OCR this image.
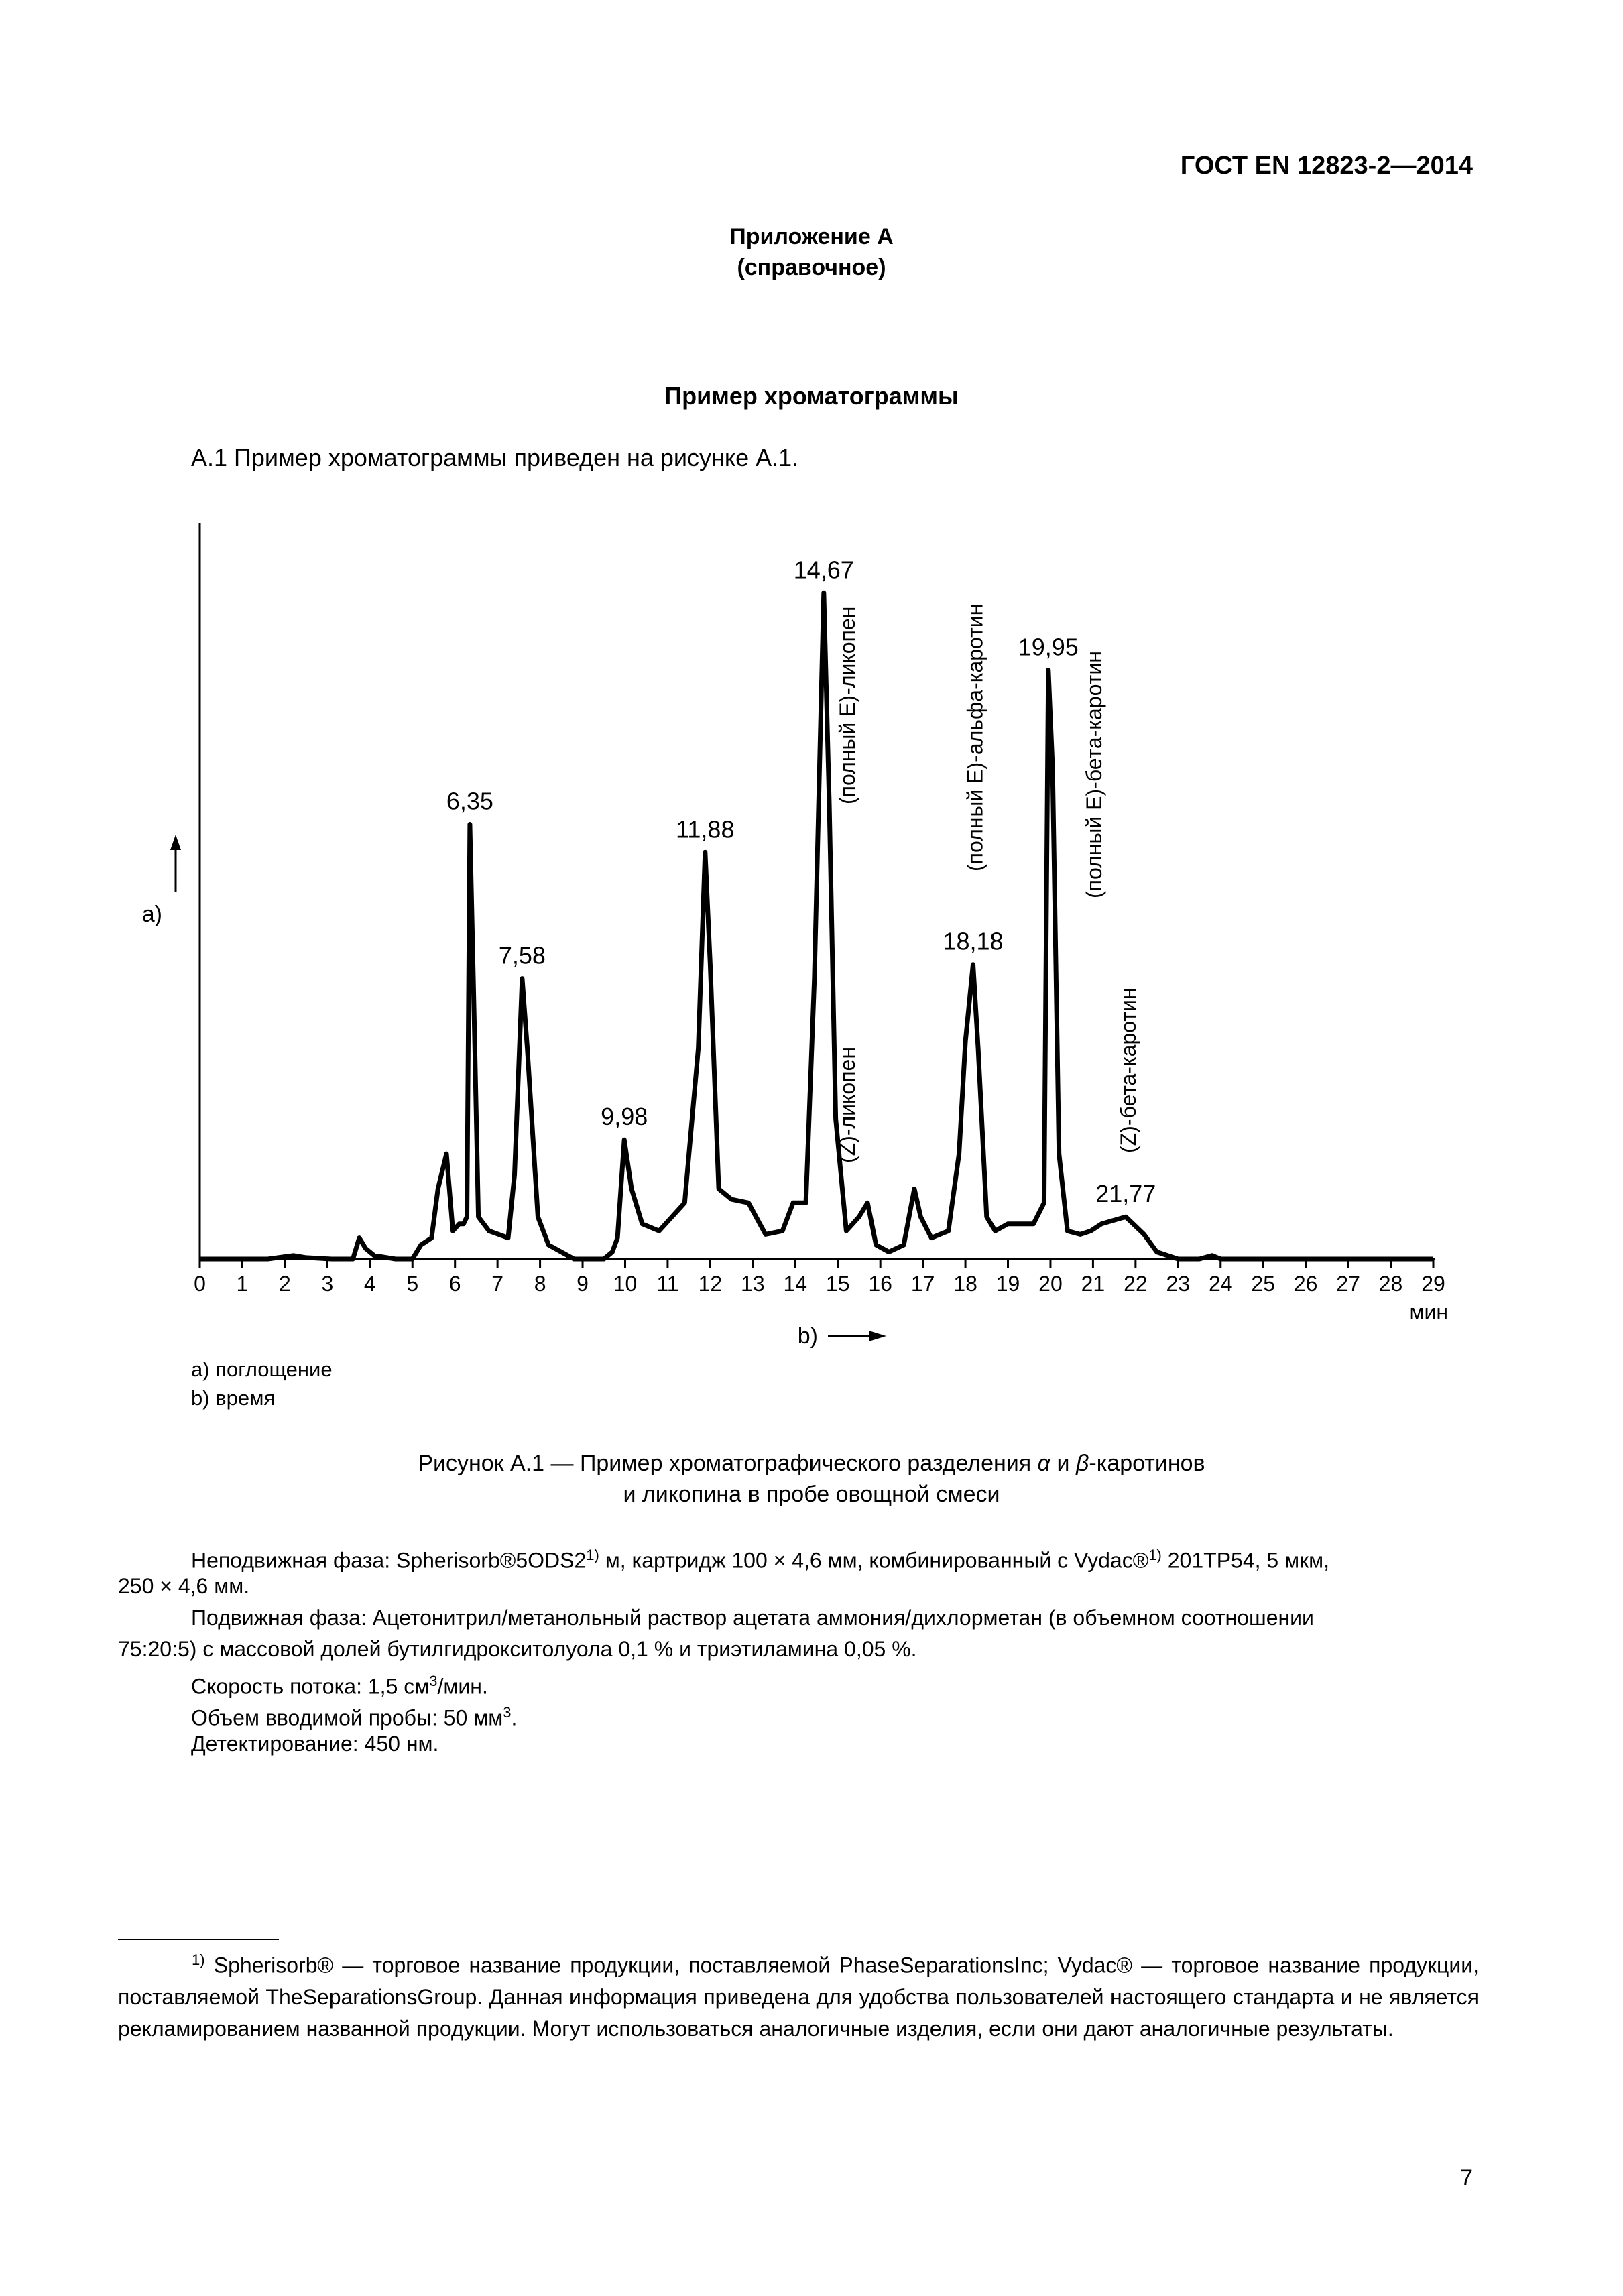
ГОСТ EN 12823-2—2014
Приложение А
(справочное)
Пример хроматограммы
А.1 Пример хроматограммы приведен на рисунке А.1.
а)
0 1 2 3 4 5 6 7 8 9 10 11 12 13 14 15 16 17 18 19 20 21 22 23 24 25 26 27 28 29
мин
b)
6,35
7,58
9,98
11,88
14,67
18,18
19,95
21,77
(полный Е)-ликопен
(Z)-ликопен
(полный Е)-альфа-каротин	(полный Е)-бета-каротин
(Z)-бета-каротин
а) поглощение
b) время
Рисунок А.1 — Пример хроматографического разделения α и β-каротинов
и ликопина в пробе овощной смеси
Неподвижная фаза: Spherisorb®5ODS2$^{1)}$ м, картридж 100 × 4,6 мм, комбинированный с Vydac®$^{1)}$ 201TP54, 5 мкм,
250 × 4,6 мм.
Подвижная фаза: Ацетонитрил/метанольный раствор ацетата аммония/дихлорметан (в объемном соотношении
75:20:5) с массовой долей бутилгидрокситолуола 0,1 % и триэтиламина 0,05 %.
Скорость потока: 1,5 $см^3$/мин.
Объем вводимой пробы: 50 $мм^3$.
Детектирование: 450 нм.
$^{1)}$ Spherisorb® — торговое название продукции, поставляемой PhaseSeparationsInc; Vydac® — торговое название продукции, поставляемой TheSeparationsGroup. Данная информация приведена для удобства пользователей настоящего стандарта и не является рекламированием названной продукции. Могут использоваться аналогичные изделия, если они дают аналогичные результаты.
7
